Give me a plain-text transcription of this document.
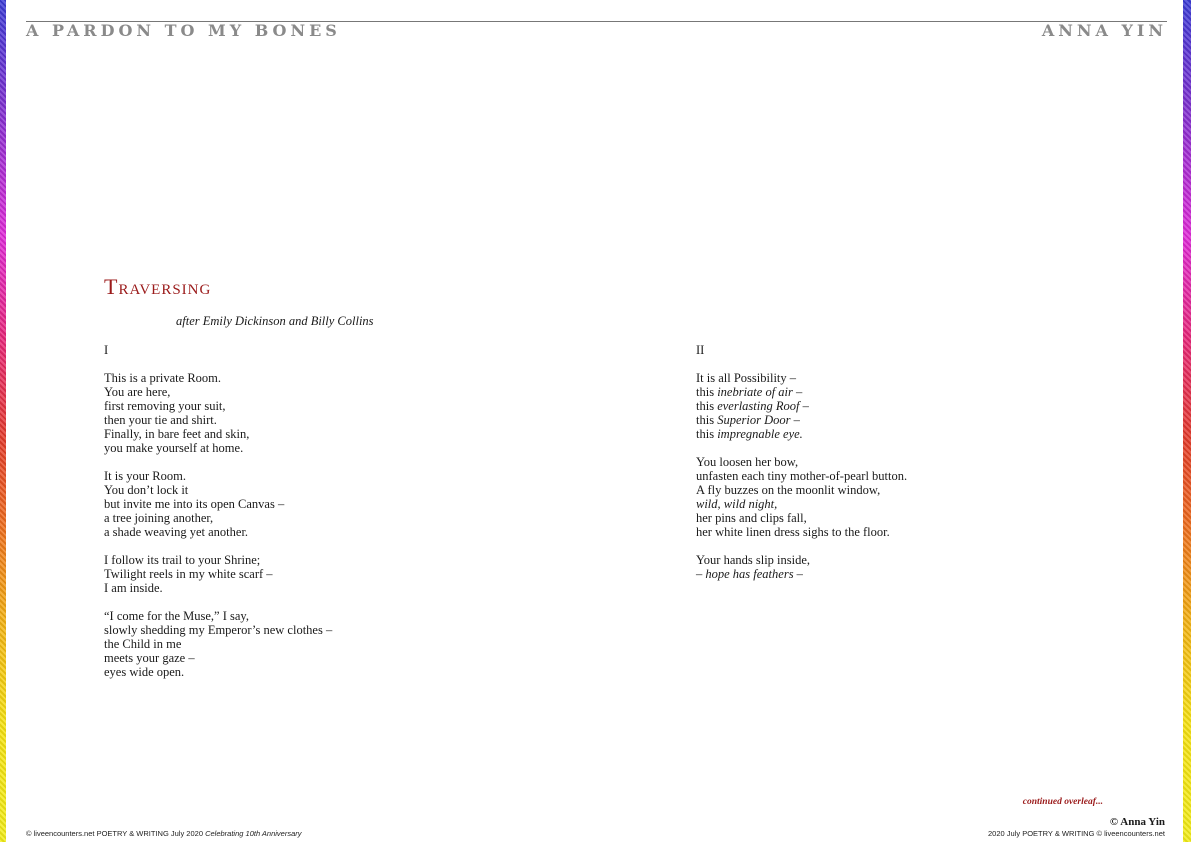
A PARDON TO MY BONES	ANNA YIN
Traversing
after Emily Dickinson and Billy Collins
I
This is a private Room.
You are here,
first removing your suit,
then your tie and shirt.
Finally, in bare feet and skin,
you make yourself at home.
It is your Room.
You don’t lock it
but invite me into its open Canvas –
a tree joining another,
a shade weaving yet another.
I follow its trail to your Shrine;
Twilight reels in my white scarf –
I am inside.
“I come for the Muse,” I say,
slowly shedding my Emperor’s new clothes –
the Child in me
meets your gaze –
eyes wide open.
II
It is all Possibility –
this inebriate of air –
this everlasting Roof –
this Superior Door –
this impregnable eye.
You loosen her bow,
unfasten each tiny mother-of-pearl button.
A fly buzzes on the moonlit window,
wild, wild night,
her pins and clips fall,
her white linen dress sighs to the floor.
Your hands slip inside,
– hope has feathers –
continued overleaf...
© Anna Yin
© liveencounters.net POETRY & WRITING July 2020 Celebrating 10th Anniversary	2020 July POETRY & WRITING © liveencounters.net
